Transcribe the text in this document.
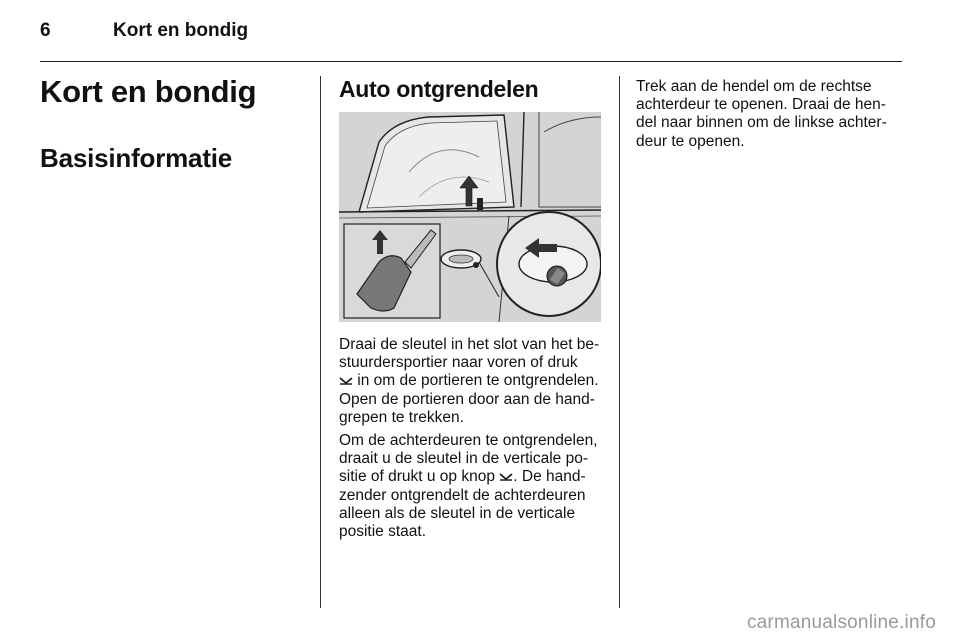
6	Kort en bondig
Kort en bondig
Basisinformatie
Auto ontgrendelen

Draai de sleutel in het slot van het be-
stuurdersportier naar voren of druk
in om de portieren te ontgrendelen.
Open de portieren door aan de hand-
grepen te trekken.

Om de achterdeuren te ontgrendelen,
draait u de sleutel in de verticale po-
sitie of drukt u op knop . De hand-
zender ontgrendelt de achterdeuren
alleen als de sleutel in de verticale
positie staat.

Trek aan de hendel om de rechtse
achterdeur te openen. Draai de hen-
del naar binnen om de linkse achter-
deur te openen.

carmanualsonline.info
